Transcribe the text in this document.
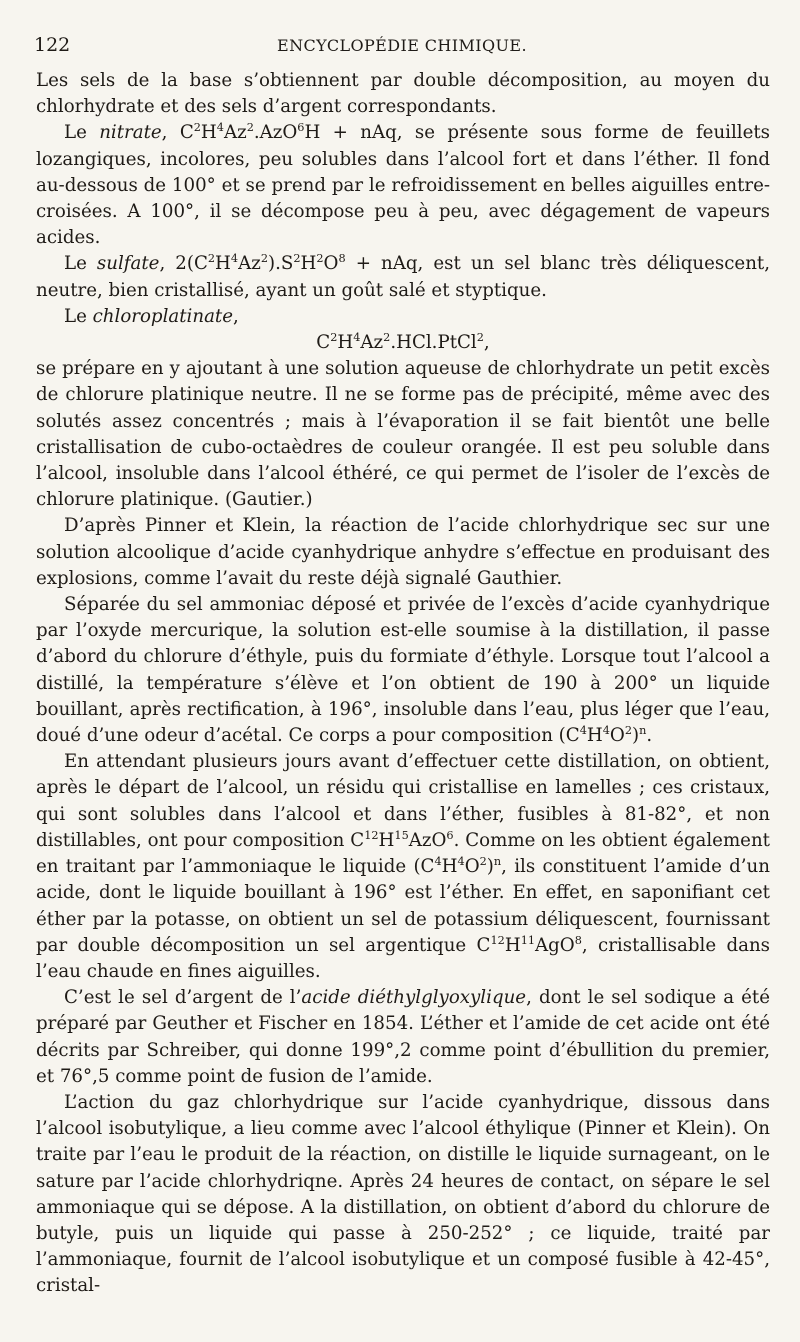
122	ENCYCLOPÉDIE CHIMIQUE.

Les sels de la base s’obtiennent par double décomposition, au moyen du chlorhydrate et des sels d’argent correspondants.

Le nitrate, $C^2H^4Az^2.AzO^6H$ + nAq, se présente sous forme de feuillets lozangiques, incolores, peu solubles dans l’alcool fort et dans l’éther. Il fond au-dessous de 100° et se prend par le refroidissement en belles aiguilles entre-croisées. A 100°, il se décompose peu à peu, avec dégagement de vapeurs acides.

Le sulfate, $2(C^2H^4Az^2).S^2H^2O^8$ + nAq, est un sel blanc très déliquescent, neutre, bien cristallisé, ayant un goût salé et styptique.

Le chloroplatinate,

$C^2H^4Az^2.HCl.PtCl^2$,

se prépare en y ajoutant à une solution aqueuse de chlorhydrate un petit excès de chlorure platinique neutre. Il ne se forme pas de précipité, même avec des solutés assez concentrés ; mais à l’évaporation il se fait bientôt une belle cristallisation de cubo-octaèdres de couleur orangée. Il est peu soluble dans l’alcool, insoluble dans l’alcool éthéré, ce qui permet de l’isoler de l’excès de chlorure platinique. (Gautier.)

D’après Pinner et Klein, la réaction de l’acide chlorhydrique sec sur une solution alcoolique d’acide cyanhydrique anhydre s’effectue en produisant des explosions, comme l’avait du reste déjà signalé Gauthier.

Séparée du sel ammoniac déposé et privée de l’excès d’acide cyanhydrique par l’oxyde mercurique, la solution est-elle soumise à la distillation, il passe d’abord du chlorure d’éthyle, puis du formiate d’éthyle. Lorsque tout l’alcool a distillé, la température s’élève et l’on obtient de 190 à 200° un liquide bouillant, après rectification, à 196°, insoluble dans l’eau, plus léger que l’eau, doué d’une odeur d’acétal. Ce corps a pour composition $(C^4H^4O^2)^n$.

En attendant plusieurs jours avant d’effectuer cette distillation, on obtient, après le départ de l’alcool, un résidu qui cristallise en lamelles ; ces cristaux, qui sont solubles dans l’alcool et dans l’éther, fusibles à 81-82°, et non distillables, ont pour composition $C^{12}H^{15}AzO^6$. Comme on les obtient également en traitant par l’ammoniaque le liquide $(C^4H^4O^2)^n$, ils constituent l’amide d’un acide, dont le liquide bouillant à 196° est l’éther. En effet, en saponifiant cet éther par la potasse, on obtient un sel de potassium déliquescent, fournissant par double décomposition un sel argentique $C^{12}H^{11}AgO^8$, cristallisable dans l’eau chaude en fines aiguilles.

C’est le sel d’argent de l’acide diéthylglyoxylique, dont le sel sodique a été préparé par Geuther et Fischer en 1854. L’éther et l’amide de cet acide ont été décrits par Schreiber, qui donne 199°,2 comme point d’ébullition du premier, et 76°,5 comme point de fusion de l’amide.

L’action du gaz chlorhydrique sur l’acide cyanhydrique, dissous dans l’alcool isobutylique, a lieu comme avec l’alcool éthylique (Pinner et Klein). On traite par l’eau le produit de la réaction, on distille le liquide surnageant, on le sature par l’acide chlorhydriqne. Après 24 heures de contact, on sépare le sel ammoniaque qui se dépose. A la distillation, on obtient d’abord du chlorure de butyle, puis un liquide qui passe à 250-252° ; ce liquide, traité par l’ammoniaque, fournit de l’alcool isobutylique et un composé fusible à 42-45°, cristal-
